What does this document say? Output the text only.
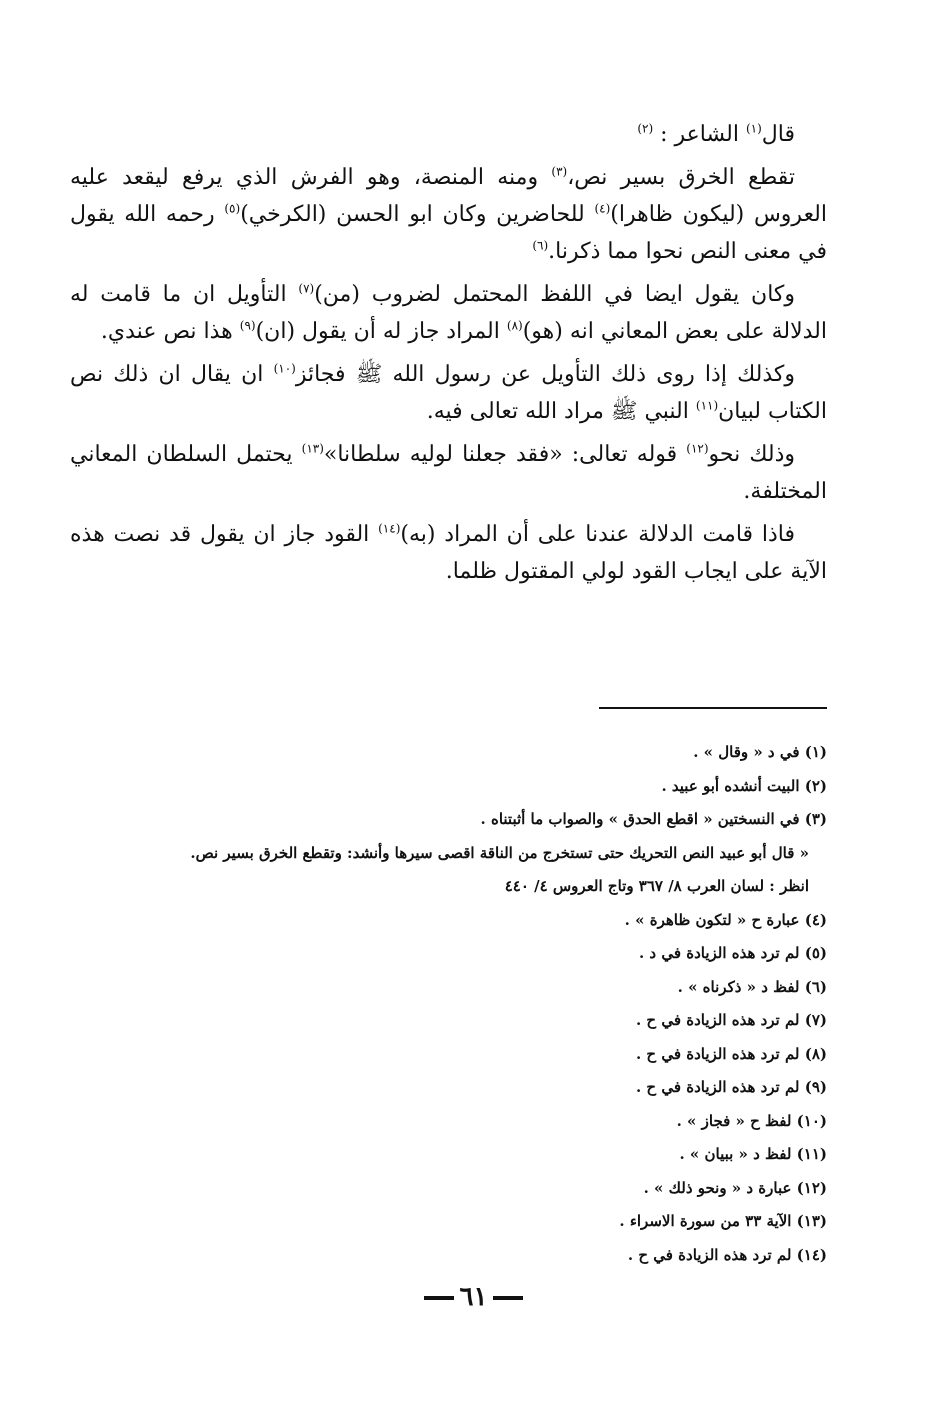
قال$^{(١)}$ الشاعر : $^{(٢)}$

تقطع الخرق بسير نص،$^{(٣)}$ ومنه المنصة، وهو الفرش الذي يرفع ليقعد عليه العروس (ليكون ظاهرا)$^{(٤)}$ للحاضرين وكان ابو الحسن (الكرخي)$^{(٥)}$ رحمه الله يقول في معنى النص نحوا مما ذكرنا.$^{(٦)}$

وكان يقول ايضا في اللفظ المحتمل لضروب (من)$^{(٧)}$ التأويل ان ما قامت له الدلالة على بعض المعاني انه (هو)$^{(٨)}$ المراد جاز له أن يقول (ان)$^{(٩)}$ هذا نص عندي.

وكذلك إذا روى ذلك التأويل عن رسول الله ﷺ فجائز$^{(١٠)}$ ان يقال ان ذلك نص الكتاب لبيان$^{(١١)}$ النبي ﷺ مراد الله تعالى فيه.

وذلك نحو$^{(١٢)}$ قوله تعالى: «فقد جعلنا لوليه سلطانا»$^{(١٣)}$ يحتمل السلطان المعاني المختلفة.

فاذا قامت الدلالة عندنا على أن المراد (به)$^{(١٤)}$ القود جاز ان يقول قد نصت هذه الآية على ايجاب القود لولي المقتول ظلما.

(١) في د « وقال » .
(٢) البيت أنشده أبو عبيد .
(٣) في النسختين « اقطع الحدق » والصواب ما أثبتناه .
« قال أبو عبيد النص التحريك حتى تستخرج من الناقة اقصى سيرها وأنشد: وتقطع الخرق بسير نص.
انظر : لسان العرب ٨/ ٣٦٧ وتاج العروس ٤/ ٤٤٠
(٤) عبارة ح « لتكون ظاهرة » .
(٥) لم ترد هذه الزيادة في د .
(٦) لفظ د « ذكرناه » .
(٧) لم ترد هذه الزيادة في ح .
(٨) لم ترد هذه الزيادة في ح .
(٩) لم ترد هذه الزيادة في ح .
(١٠) لفظ ح « فجاز » .
(١١) لفظ د « ببيان » .
(١٢) عبارة د « ونحو ذلك » .
(١٣) الآية ٣٣ من سورة الاسراء .
(١٤) لم ترد هذه الزيادة في ح .
٦١
